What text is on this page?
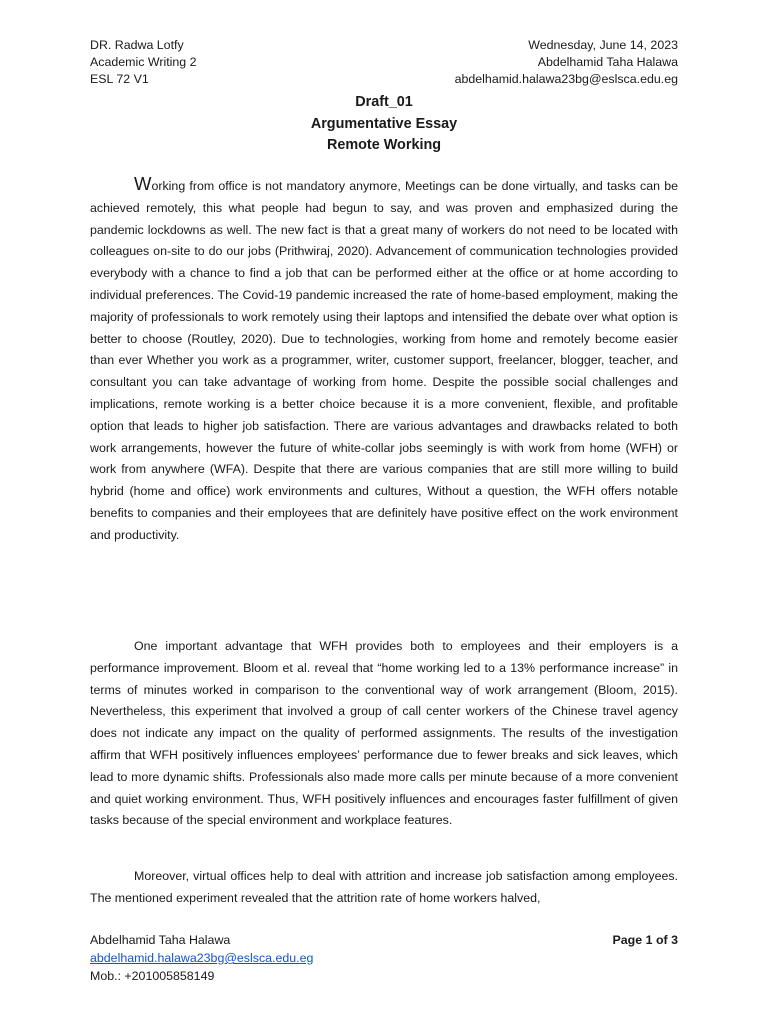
DR. Radwa Lotfy
Academic Writing 2
ESL 72 V1
Wednesday, June 14, 2023
Abdelhamid Taha Halawa
abdelhamid.halawa23bg@eslsca.edu.eg
Draft_01
Argumentative Essay
Remote Working

Working from office is not mandatory anymore, Meetings can be done virtually, and tasks can be achieved remotely, this what people had begun to say, and was proven and emphasized during the pandemic lockdowns as well. The new fact is that a great many of workers do not need to be located with colleagues on-site to do our jobs (Prithwiraj, 2020). Advancement of communication technologies provided everybody with a chance to find a job that can be performed either at the office or at home according to individual preferences. The Covid-19 pandemic increased the rate of home-based employment, making the majority of professionals to work remotely using their laptops and intensified the debate over what option is better to choose (Routley, 2020). Due to technologies, working from home and remotely become easier than ever Whether you work as a programmer, writer, customer support, freelancer, blogger, teacher, and consultant you can take advantage of working from home. Despite the possible social challenges and implications, remote working is a better choice because it is a more convenient, flexible, and profitable option that leads to higher job satisfaction. There are various advantages and drawbacks related to both work arrangements, however the future of white-collar jobs seemingly is with work from home (WFH) or work from anywhere (WFA). Despite that there are various companies that are still more willing to build hybrid (home and office) work environments and cultures, Without a question, the WFH offers notable benefits to companies and their employees that are definitely have positive effect on the work environment and productivity.

One important advantage that WFH provides both to employees and their employers is a performance improvement. Bloom et al. reveal that “home working led to a 13% performance increase” in terms of minutes worked in comparison to the conventional way of work arrangement (Bloom, 2015). Nevertheless, this experiment that involved a group of call center workers of the Chinese travel agency does not indicate any impact on the quality of performed assignments. The results of the investigation affirm that WFH positively influences employees’ performance due to fewer breaks and sick leaves, which lead to more dynamic shifts. Professionals also made more calls per minute because of a more convenient and quiet working environment. Thus, WFH positively influences and encourages faster fulfillment of given tasks because of the special environment and workplace features.

Moreover, virtual offices help to deal with attrition and increase job satisfaction among employees. The mentioned experiment revealed that the attrition rate of home workers halved,

Abdelhamid Taha Halawa	Page 1 of 3
abdelhamid.halawa23bg@eslsca.edu.eg
Mob.: +201005858149
